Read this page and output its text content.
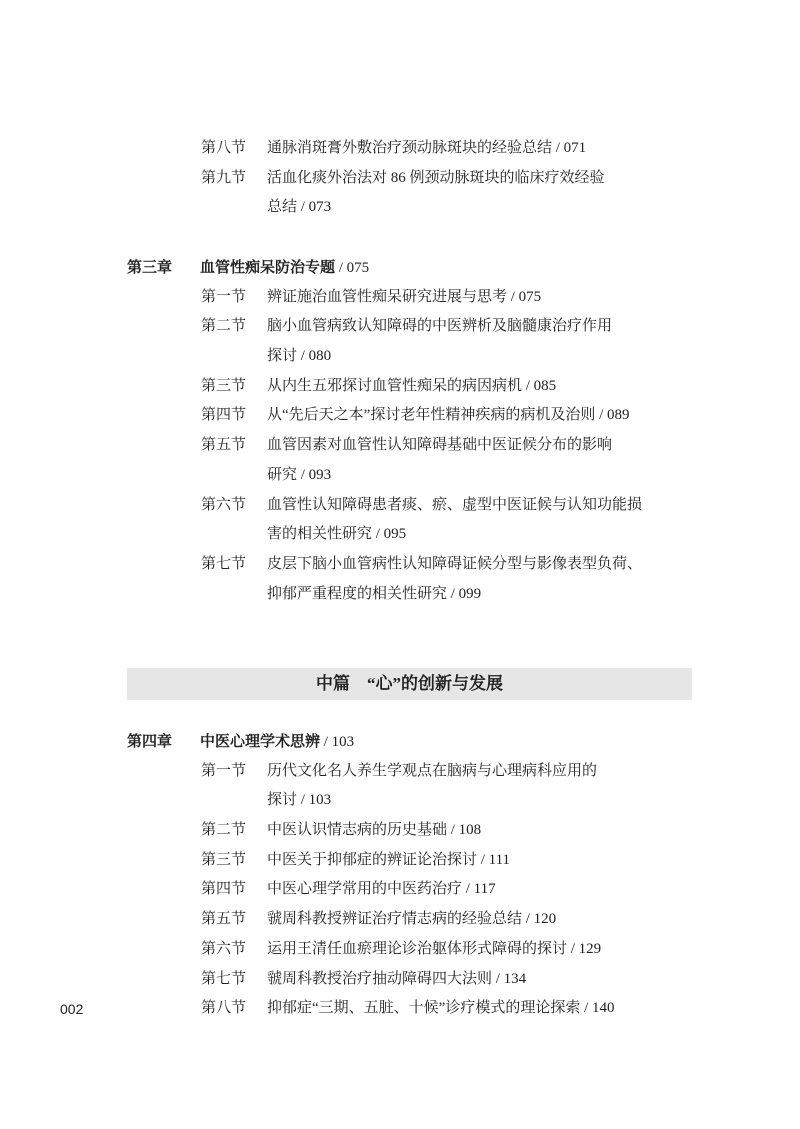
第八节 通脉消斑膏外敷治疗颈动脉斑块的经验总结 / 071
第九节 活血化痰外治法对 86 例颈动脉斑块的临床疗效经验
总结 / 073
第三章 血管性痴呆防治专题 / 075
第一节 辨证施治血管性痴呆研究进展与思考 / 075
第二节 脑小血管病致认知障碍的中医辨析及脑髓康治疗作用
探讨 / 080
第三节 从内生五邪探讨血管性痴呆的病因病机 / 085
第四节 从“先后天之本”探讨老年性精神疾病的病机及治则 / 089
第五节 血管因素对血管性认知障碍基础中医证候分布的影响
研究 / 093
第六节 血管性认知障碍患者痰、瘀、虚型中医证候与认知功能损
害的相关性研究 / 095
第七节 皮层下脑小血管病性认知障碍证候分型与影像表型负荷、
抑郁严重程度的相关性研究 / 099
中篇　“心”的创新与发展
第四章 中医心理学术思辨 / 103
第一节 历代文化名人养生学观点在脑病与心理病科应用的
探讨 / 103
第二节 中医认识情志病的历史基础 / 108
第三节 中医关于抑郁症的辨证论治探讨 / 111
第四节 中医心理学常用的中医药治疗 / 117
第五节 虢周科教授辨证治疗情志病的经验总结 / 120
第六节 运用王清任血瘀理论诊治躯体形式障碍的探讨 / 129
第七节 虢周科教授治疗抽动障碍四大法则 / 134
第八节 抑郁症“三期、五脏、十候”诊疗模式的理论探索 / 140
002
